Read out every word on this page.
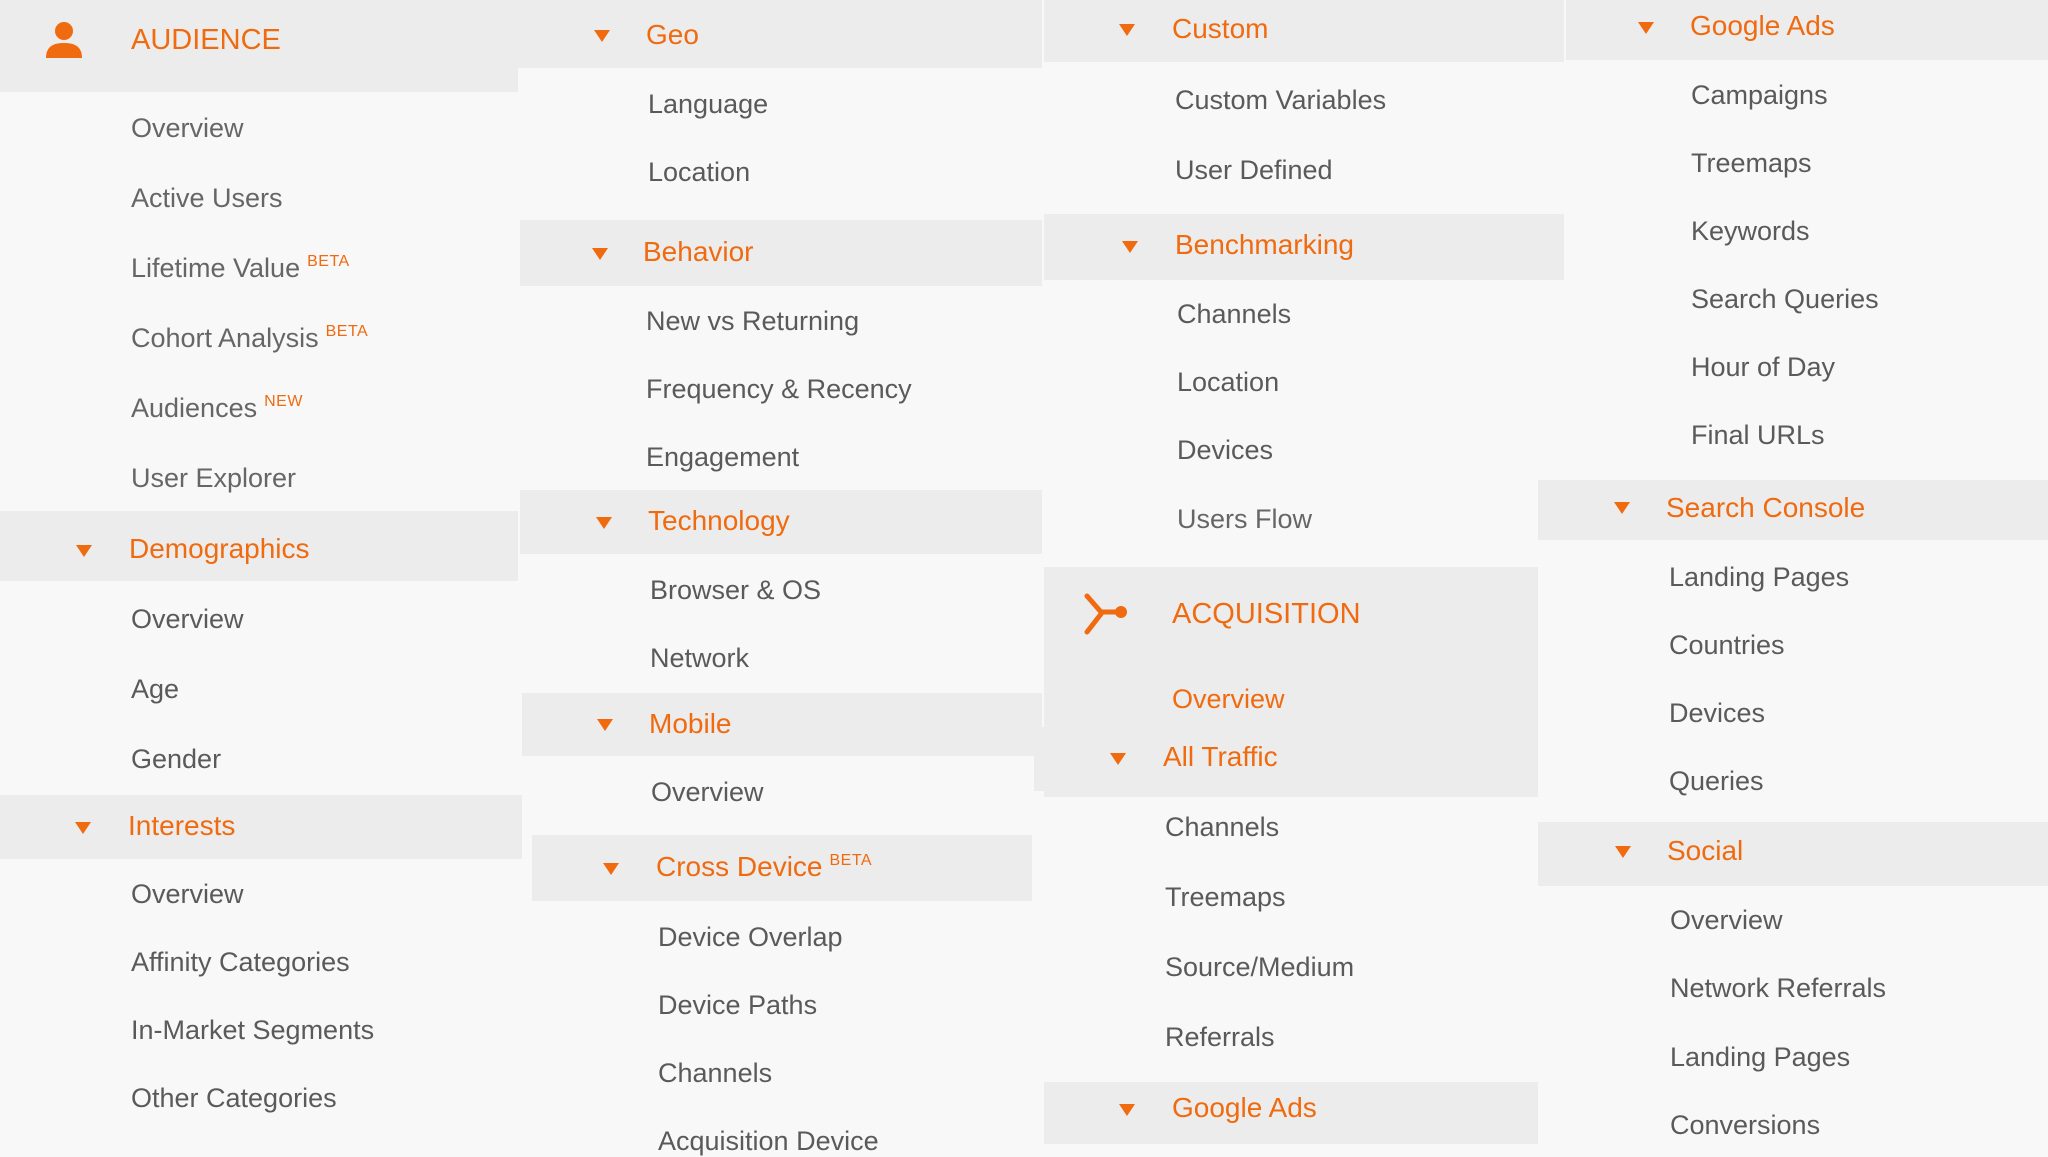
AUDIENCE
Overview
Active Users
Lifetime Value $^{BETA}$
Cohort Analysis $^{BETA}$
Audiences $^{NEW}$
User Explorer
Demographics
Overview
Age
Gender
Interests
Overview
Affinity Categories
In-Market Segments
Other Categories
Geo
Language
Location
Behavior
New vs Returning
Frequency & Recency
Engagement
Technology
Browser & OS
Network
Mobile
Overview
Cross Device $^{BETA}$
Device Overlap
Device Paths
Channels
Acquisition Device
Custom
Custom Variables
User Defined
Benchmarking
Channels
Location
Devices
Users Flow
ACQUISITION
Overview
All Traffic
Channels
Treemaps
Source/Medium
Referrals
Google Ads
Google Ads
Campaigns
Treemaps
Keywords
Search Queries
Hour of Day
Final URLs
Search Console
Landing Pages
Countries
Devices
Queries
Social
Overview
Network Referrals
Landing Pages
Conversions
